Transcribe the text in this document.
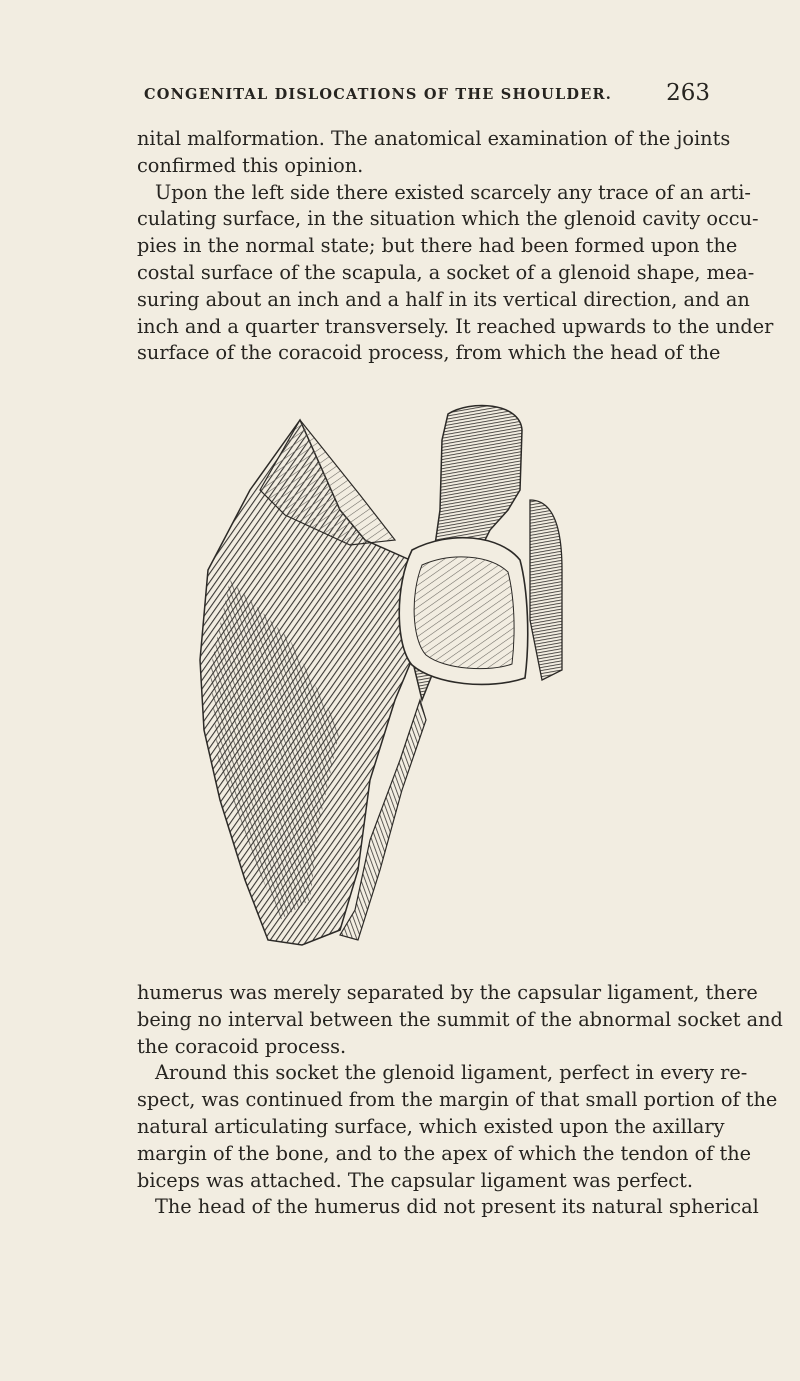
CONGENITAL DISLOCATIONS OF THE SHOULDER. 263
nital malformation. The anatomical examination of the joints
confirmed this opinion.
Upon the left side there existed scarcely any trace of an arti-
culating surface, in the situation which the glenoid cavity occu-
pies in the normal state; but there had been formed upon the
costal surface of the scapula, a socket of a glenoid shape, mea-
suring about an inch and a half in its vertical direction, and an
inch and a quarter transversely. It reached upwards to the under
surface of the coracoid process, from which the head of the
humerus was merely separated by the capsular ligament, there
being no interval between the summit of the abnormal socket and
the coracoid process.
Around this socket the glenoid ligament, perfect in every re-
spect, was continued from the margin of that small portion of the
natural articulating surface, which existed upon the axillary
margin of the bone, and to the apex of which the tendon of the
biceps was attached. The capsular ligament was perfect.
The head of the humerus did not present its natural spherical
